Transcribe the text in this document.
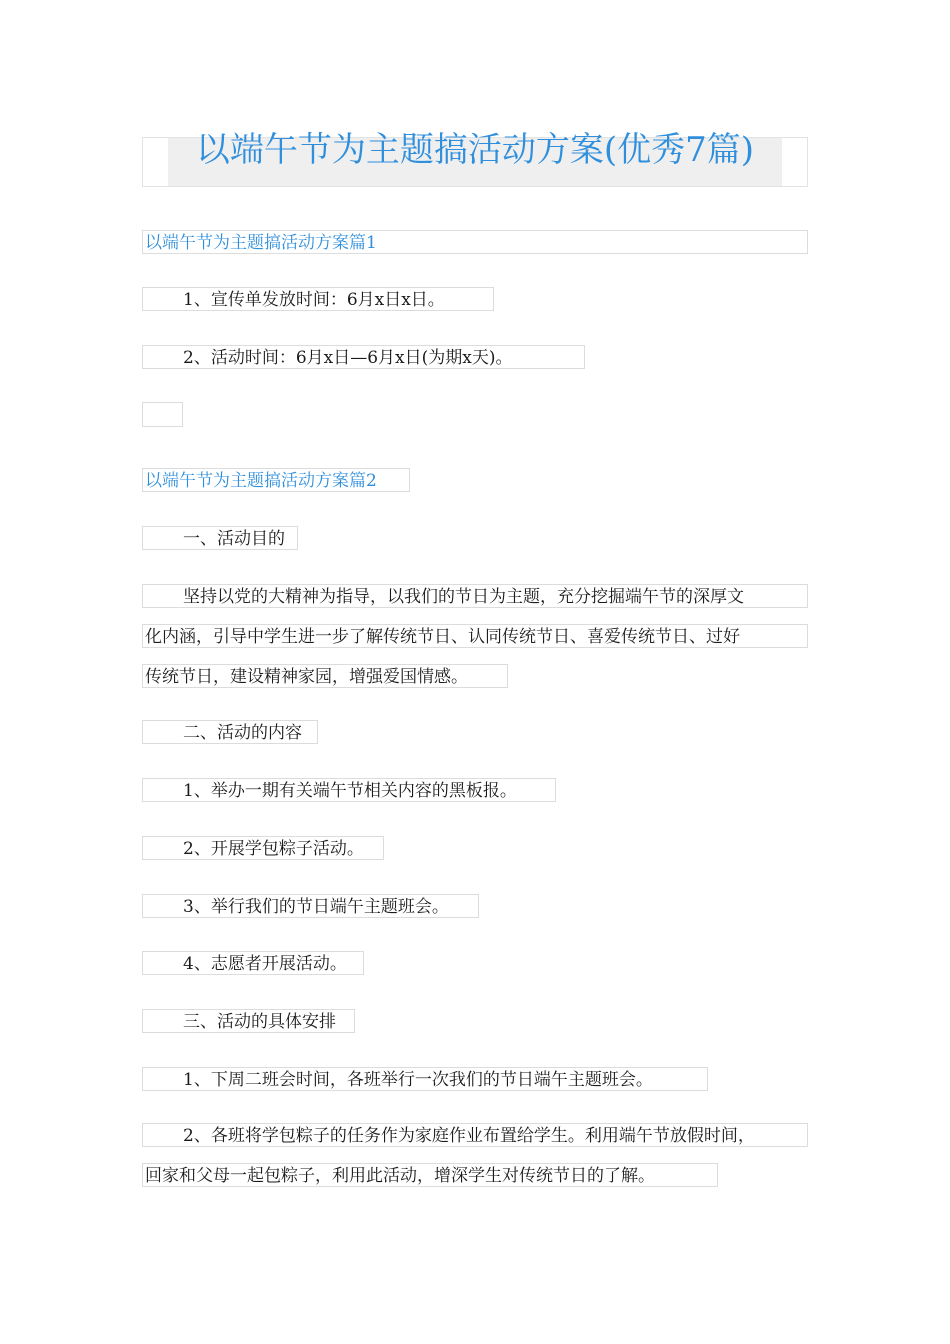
以端午节为主题搞活动方案(优秀7篇)
以端午节为主题搞活动方案篇1
1、宣传单发放时间：6月x日x日。
2、活动时间：6月x日—6月x日(为期x天)。
以端午节为主题搞活动方案篇2
一、活动目的
坚持以党的大精神为指导，以我们的节日为主题，充分挖掘端午节的深厚文
化内涵，引导中学生进一步了解传统节日、认同传统节日、喜爱传统节日、过好
传统节日，建设精神家园，增强爱国情感。
二、活动的内容
1、举办一期有关端午节相关内容的黑板报。
2、开展学包粽子活动。
3、举行我们的节日端午主题班会。
4、志愿者开展活动。
三、活动的具体安排
1、下周二班会时间，各班举行一次我们的节日端午主题班会。
2、各班将学包粽子的任务作为家庭作业布置给学生。利用端午节放假时间，
回家和父母一起包粽子，利用此活动，增深学生对传统节日的了解。
